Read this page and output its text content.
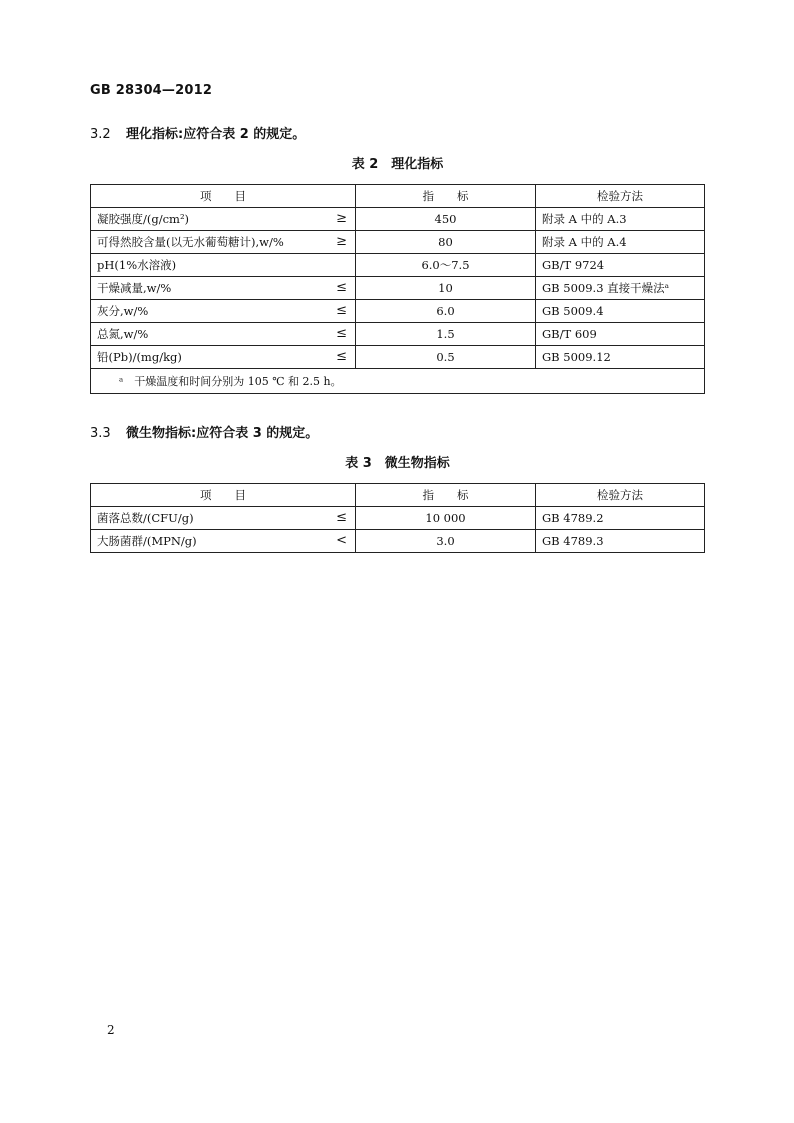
GB 28304—2012
3.2 理化指标:应符合表 2 的规定。
表 2　理化指标
项　　目	指　　标	检验方法
凝胶强度/(g/cm²) ≥	450	附录 A 中的 A.3
可得然胶含量(以无水葡萄糖计),w/% ≥	80	附录 A 中的 A.4
pH(1%水溶液)	6.0～7.5	GB/T 9724
干燥减量,w/% ≤	10	GB 5009.3 直接干燥法ᵃ
灰分,w/% ≤	6.0	GB 5009.4
总氮,w/% ≤	1.5	GB/T 609
铅(Pb)/(mg/kg) ≤	0.5	GB 5009.12
ᵃ　干燥温度和时间分别为 105 ℃ 和 2.5 h。		
3.3 微生物指标:应符合表 3 的规定。
表 3　微生物指标
项　　目	指　　标	检验方法
菌落总数/(CFU/g) ≤	10 000	GB 4789.2
大肠菌群/(MPN/g) <	3.0	GB 4789.3
2
